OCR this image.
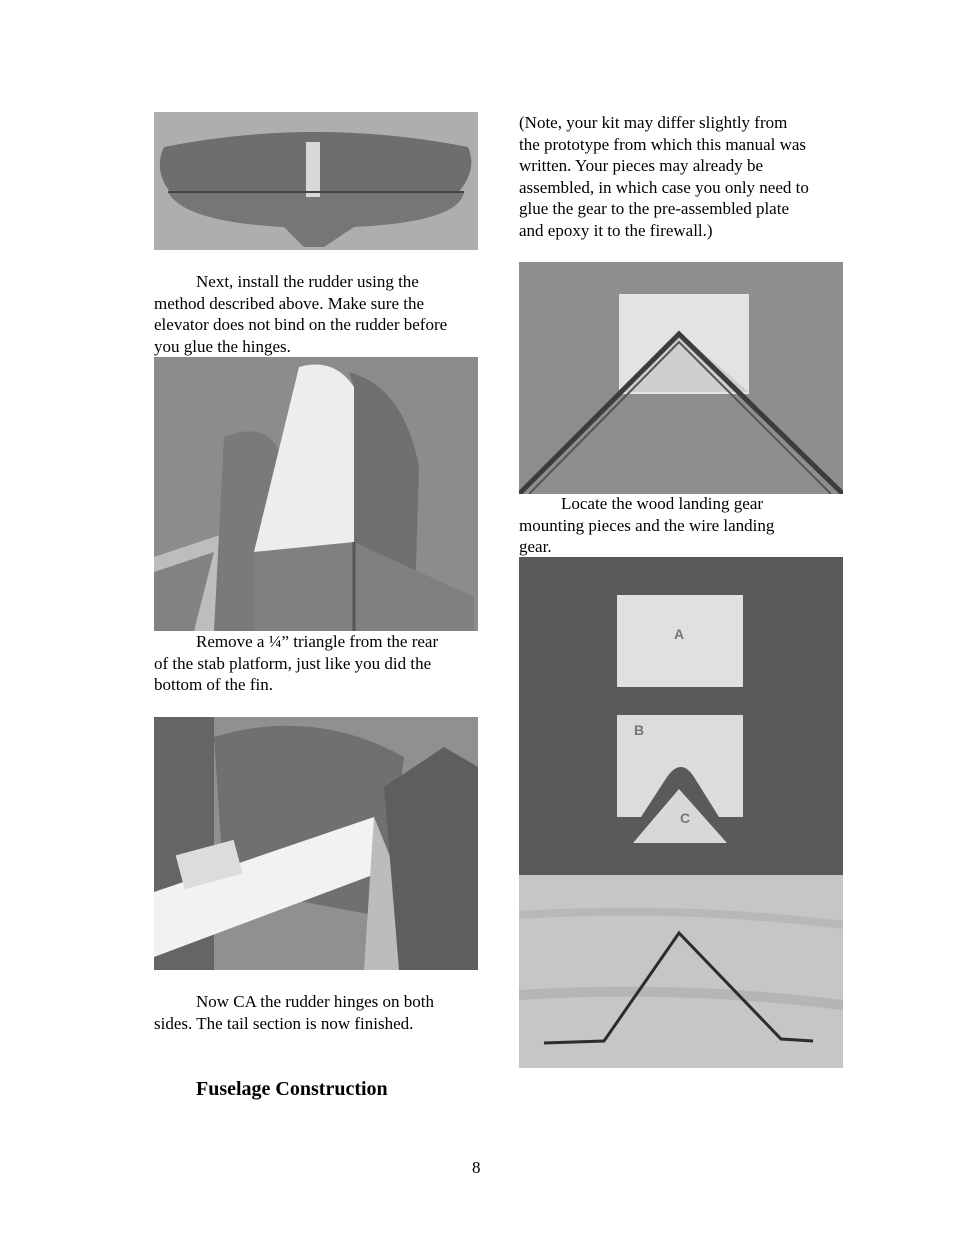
Next, install the rudder using the method described above. Make sure the elevator does not bind on the rudder before you glue the hinges.

Remove a ¼” triangle from the rear of the stab platform, just like you did the bottom of the fin.

Now CA the rudder hinges on both sides. The tail section is now finished.

Fuselage Construction

(Note, your kit may differ slightly from the prototype from which this manual was written. Your pieces may already be assembled, in which case you only need to glue the gear to the pre-assembled plate and epoxy it to the firewall.)

Locate the wood landing gear mounting pieces and the wire landing gear.

A
B
C
8
